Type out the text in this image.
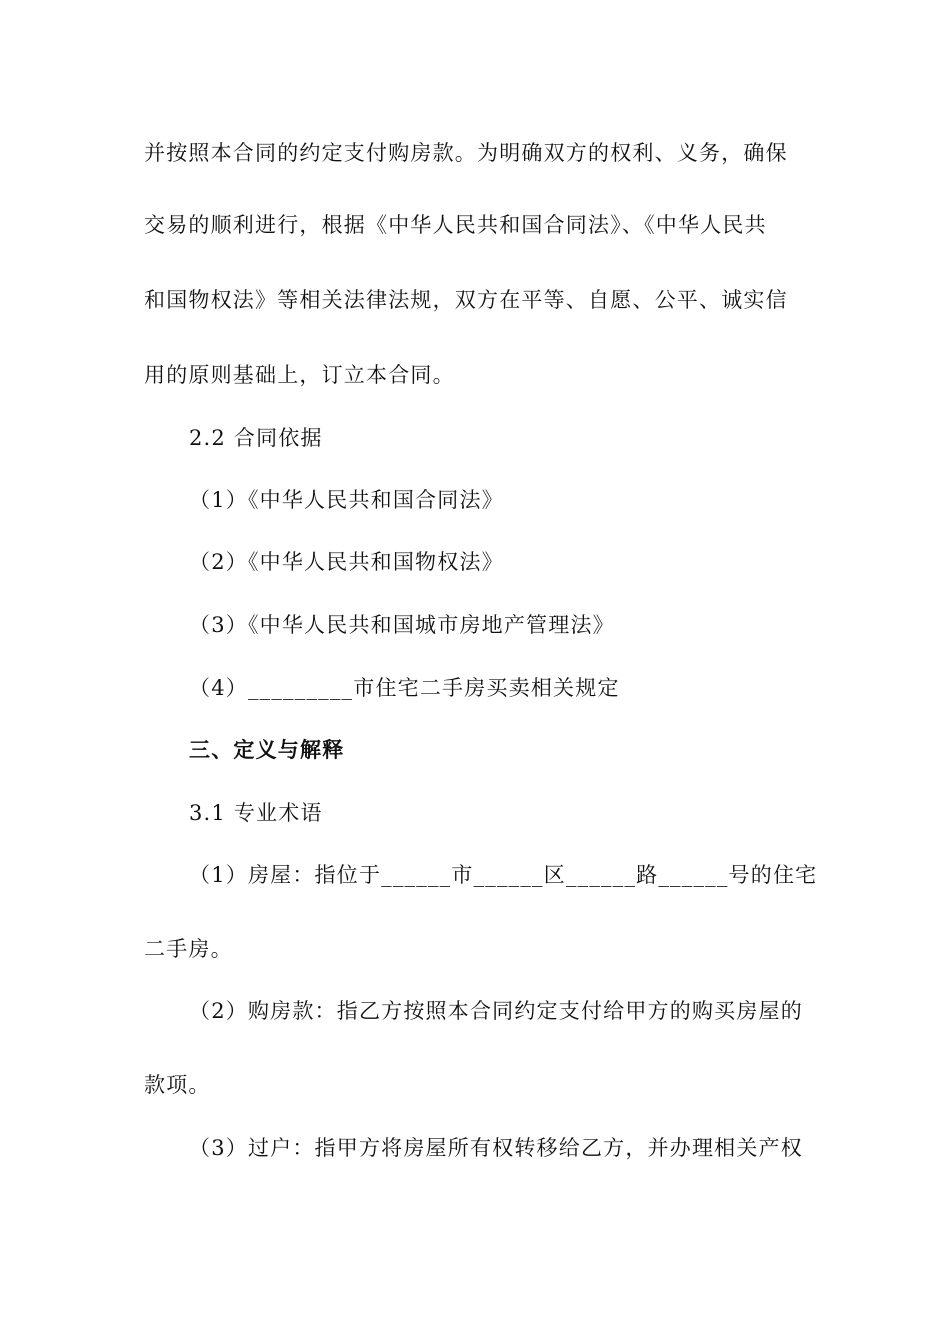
并按照本合同的约定支付购房款。为明确双方的权利、义务，确保
交易的顺利进行，根据《中华人民共和国合同法》、《中华人民共
和国物权法》等相关法律法规，双方在平等、自愿、公平、诚实信
用的原则基础上，订立本合同。
2.2 合同依据
（1）《中华人民共和国合同法》
（2）《中华人民共和国物权法》
（3）《中华人民共和国城市房地产管理法》
（4）_________市住宅二手房买卖相关规定
三、定义与解释
3.1 专业术语
（1）房屋：指位于______市______区______路______号的住宅
二手房。
（2）购房款：指乙方按照本合同约定支付给甲方的购买房屋的
款项。
（3）过户：指甲方将房屋所有权转移给乙方，并办理相关产权
